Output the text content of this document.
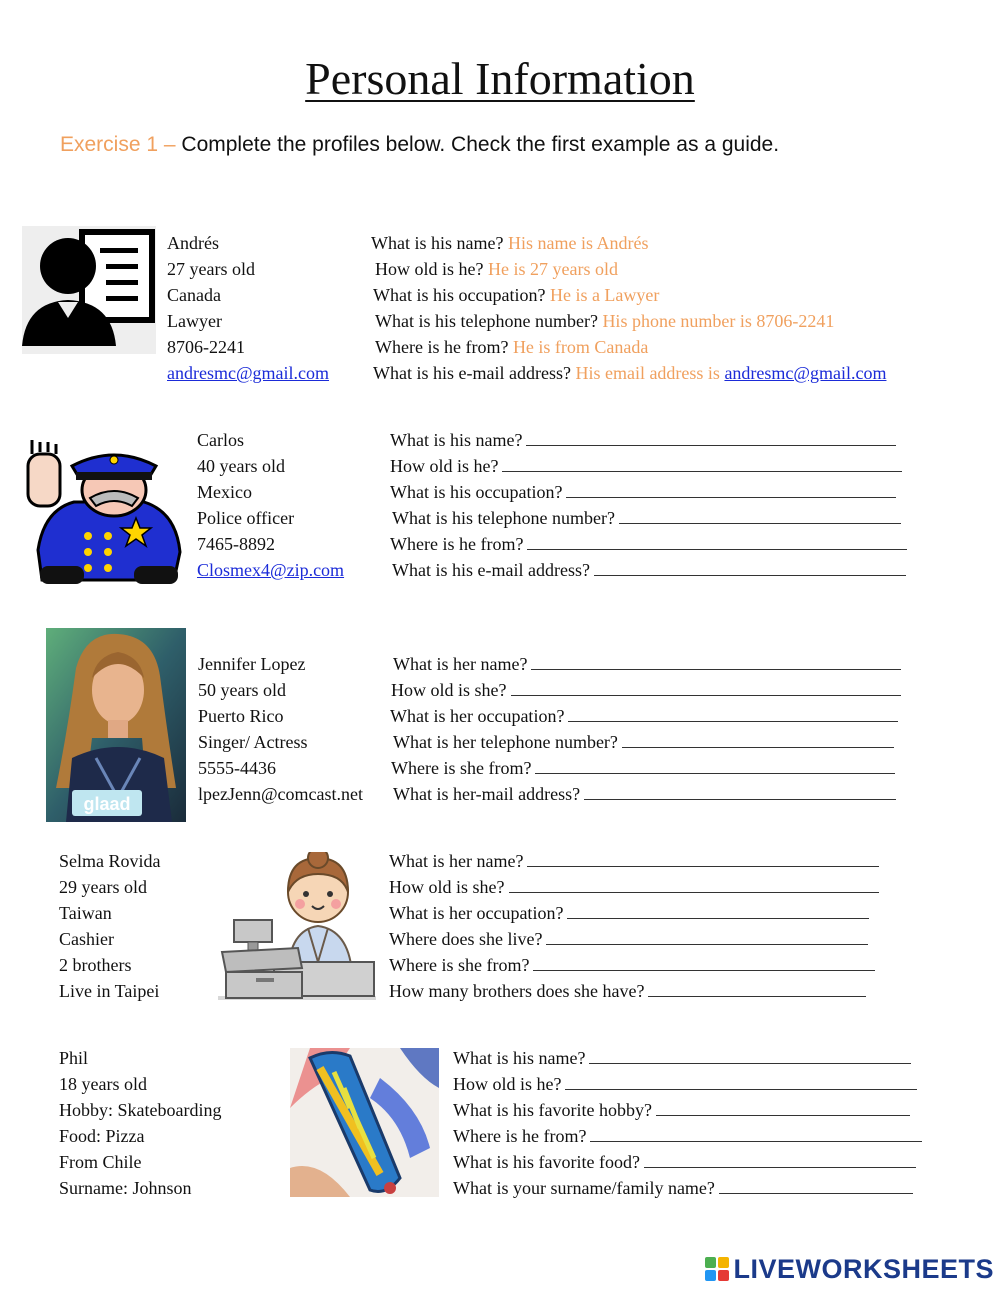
Personal Information
Exercise 1 – Complete the profiles below. Check the first example as a guide.
Andrés
27 years old
Canada
Lawyer
8706-2241
andresmc@gmail.com
What is his name? His name is Andrés
How old is he? He is 27 years old
What is his occupation? He is a Lawyer
What is his telephone number? His phone number is 8706-2241
Where is he from? He is from Canada
What is his e-mail address? His email address is andresmc@gmail.com
Carlos
40 years old
Mexico
Police officer
7465-8892
Closmex4@zip.com
What is his name?
How old is he?
What is his occupation?
What is his telephone number?
Where is he from?
What is his e-mail address?
glaad
Jennifer Lopez
50 years old
Puerto Rico
Singer/ Actress
5555-4436
lpezJenn@comcast.net
What is her name?
How old is she?
What is her occupation?
What is her telephone number?
Where is she from?
What is her-mail address?
Selma Rovida
29 years old
Taiwan
Cashier
2 brothers
Live in Taipei
What is her name?
How old is she?
What is her occupation?
Where does she live?
Where is she from?
How many brothers does she have?
Phil
18 years old
Hobby: Skateboarding
Food: Pizza
From Chile
Surname: Johnson
What is his name?
How old is he?
What is his favorite hobby?
Where is he from?
What is his favorite food?
What is your surname/family name?
LIVEWORKSHEETS
